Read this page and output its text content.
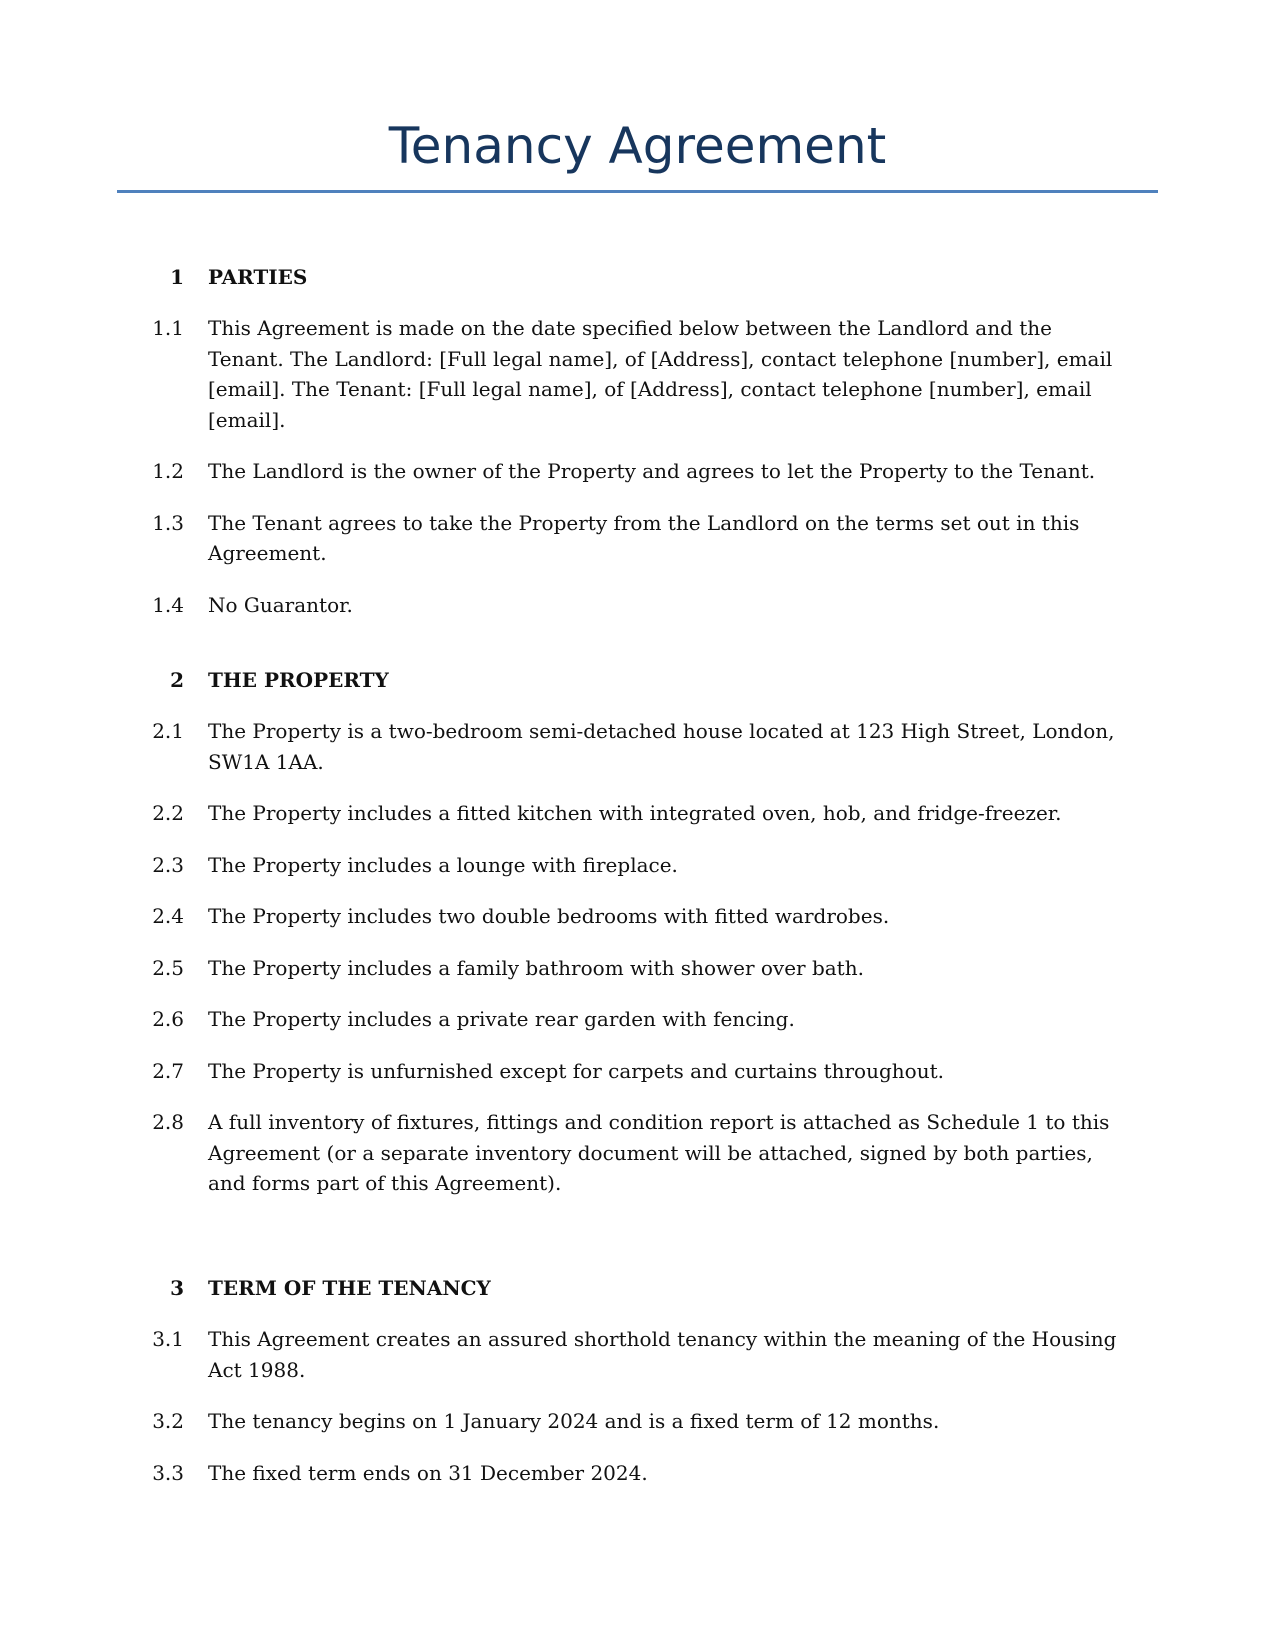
Tenancy Agreement
1 PARTIES
1.1 This Agreement is made on the date specified below between the Landlord and the Tenant. The Landlord: [Full legal name], of [Address], contact telephone [number], email [email]. The Tenant: [Full legal name], of [Address], contact telephone [number], email [email].
1.2 The Landlord is the owner of the Property and agrees to let the Property to the Tenant.
1.3 The Tenant agrees to take the Property from the Landlord on the terms set out in this Agreement.
1.4 No Guarantor.
2 THE PROPERTY
2.1 The Property is a two-bedroom semi-detached house located at 123 High Street, London, SW1A 1AA.
2.2 The Property includes a fitted kitchen with integrated oven, hob, and fridge-freezer.
2.3 The Property includes a lounge with fireplace.
2.4 The Property includes two double bedrooms with fitted wardrobes.
2.5 The Property includes a family bathroom with shower over bath.
2.6 The Property includes a private rear garden with fencing.
2.7 The Property is unfurnished except for carpets and curtains throughout.
2.8 A full inventory of fixtures, fittings and condition report is attached as Schedule 1 to this Agreement (or a separate inventory document will be attached, signed by both parties, and forms part of this Agreement).
3 TERM OF THE TENANCY
3.1 This Agreement creates an assured shorthold tenancy within the meaning of the Housing Act 1988.
3.2 The tenancy begins on 1 January 2024 and is a fixed term of 12 months.
3.3 The fixed term ends on 31 December 2024.
